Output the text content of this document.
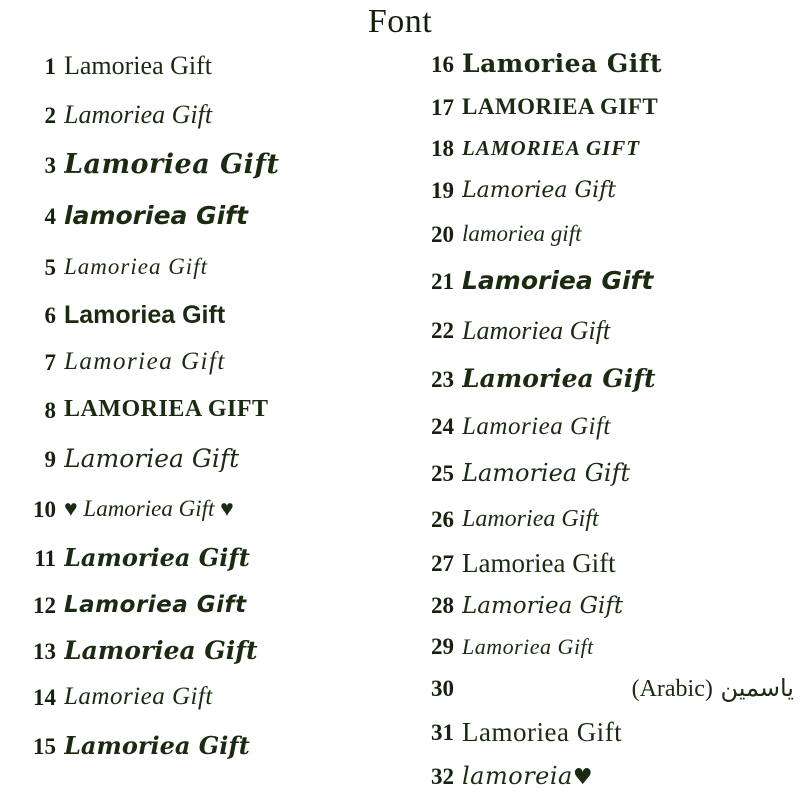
Font
1 Lamoriea Gift
2 Lamoriea Gift
3 Lamoriea Gift
4 lamoriea Gift
5 Lamoriea Gift
6 Lamoriea Gift
7 Lamoriea Gift
8 LAMORIEA GIFT
9 Lamoriea Gift
10 ♥ Lamoriea Gift ♥
11 Lamoriea Gift
12 Lamoriea Gift
13 Lamoriea Gift
14 Lamoriea Gift
15 Lamoriea Gift
16 Lamoriea Gift
17 LAMORIEA GIFT
18 LAMORIEA GIFT
19 Lamoriea Gift
20 lamoriea gift
21 Lamoriea Gift
22 Lamoriea Gift
23 Lamoriea Gift
24 Lamoriea Gift
25 Lamoriea Gift
26 Lamoriea Gift
27 Lamoriea Gift
28 Lamoriea Gift
29 Lamoriea Gift
30	ياسمين (Arabic)
31 Lamoriea Gift
32 lamoreia♥
